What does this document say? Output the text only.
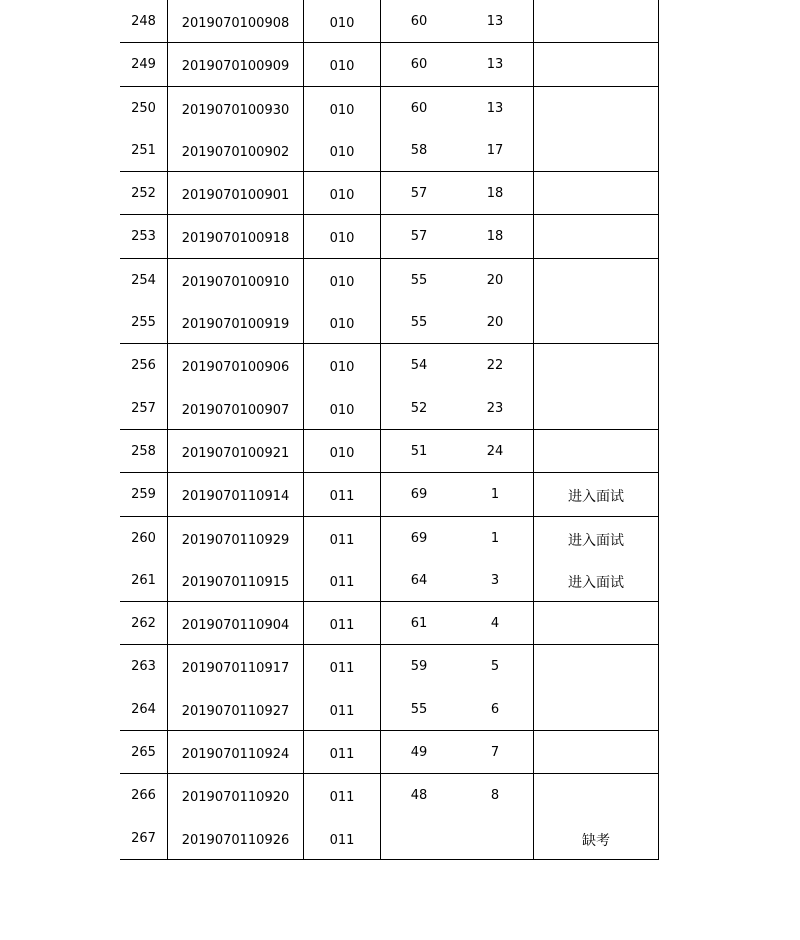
248	2019070100908	010	60	13	
249	2019070100909	010	60	13	
250	2019070100930	010	60	13	
251	2019070100902	010	58	17	
252	2019070100901	010	57	18	
253	2019070100918	010	57	18	
254	2019070100910	010	55	20	
255	2019070100919	010	55	20	
256	2019070100906	010	54	22	
257	2019070100907	010	52	23	
258	2019070100921	010	51	24	
259	2019070110914	011	69	1	进入面试
260	2019070110929	011	69	1	进入面试
261	2019070110915	011	64	3	进入面试
262	2019070110904	011	61	4	
263	2019070110917	011	59	5	
264	2019070110927	011	55	6	
265	2019070110924	011	49	7	
266	2019070110920	011	48	8	
267	2019070110926	011			缺考
